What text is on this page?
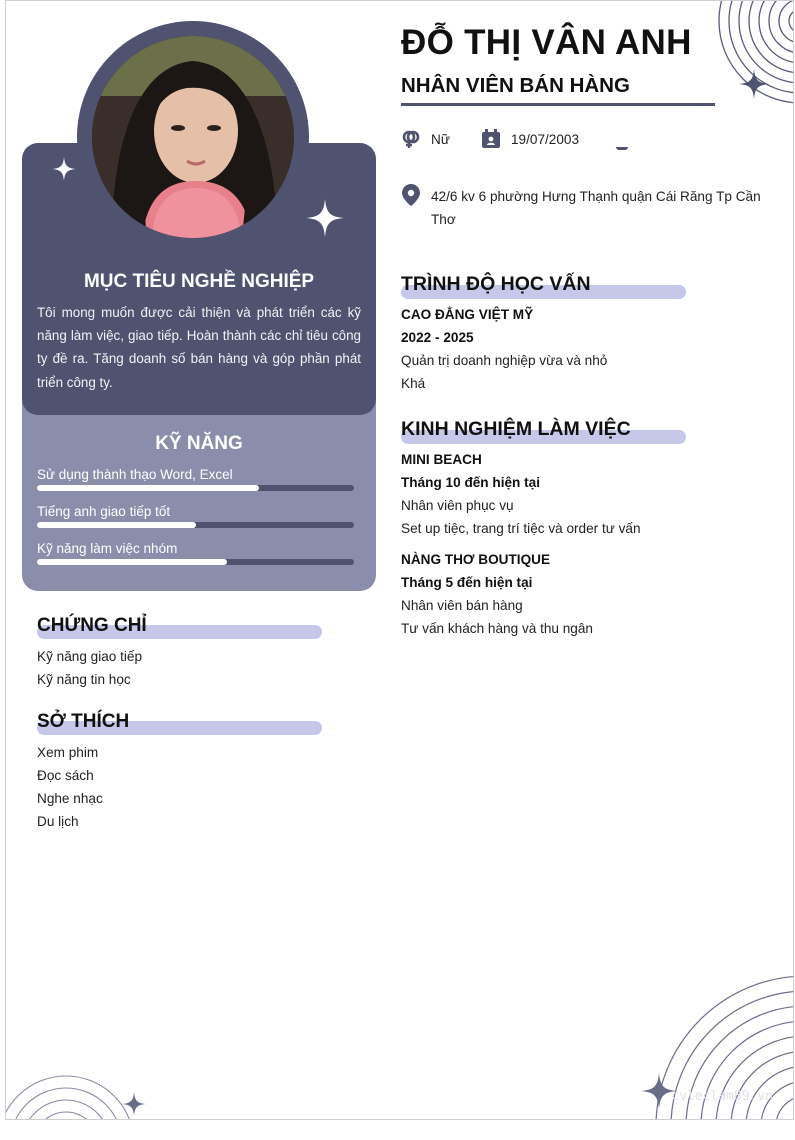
MỤC TIÊU NGHỀ NGHIỆP
Tôi mong muốn được cải thiện và phát triển các kỹ năng làm việc, giao tiếp. Hoàn thành các chỉ tiêu công ty đề ra. Tăng doanh số bán hàng và góp phần phát triển công ty.
KỸ NĂNG
Sử dụng thành thạo Word, Excel
Tiếng anh giao tiếp tốt
Kỹ năng làm việc nhóm
CHỨNG CHỈ
Kỹ năng giao tiếp
Kỹ năng tin học
SỞ THÍCH
Xem phim
Đọc sách
Nghe nhạc
Du lịch
ĐỖ THỊ VÂN ANH
NHÂN VIÊN BÁN HÀNG
Nữ	19/07/2003
42/6 kv 6 phường Hưng Thạnh quận Cái Răng Tp Cần Thơ
TRÌNH ĐỘ HỌC VẤN
CAO ĐẲNG VIỆT MỸ
2022 - 2025
Quản trị doanh nghiệp vừa và nhỏ
Khá
KINH NGHIỆM LÀM VIỆC
MINI BEACH
Tháng 10 đến hiện tại
Nhân viên phục vụ
Set up tiệc, trang trí tiệc và order tư vấn
NÀNG THƠ BOUTIQUE
Tháng 5 đến hiện tại
Nhân viên bán hàng
Tư vấn khách hàng và thu ngân
cvleclam89.vn
